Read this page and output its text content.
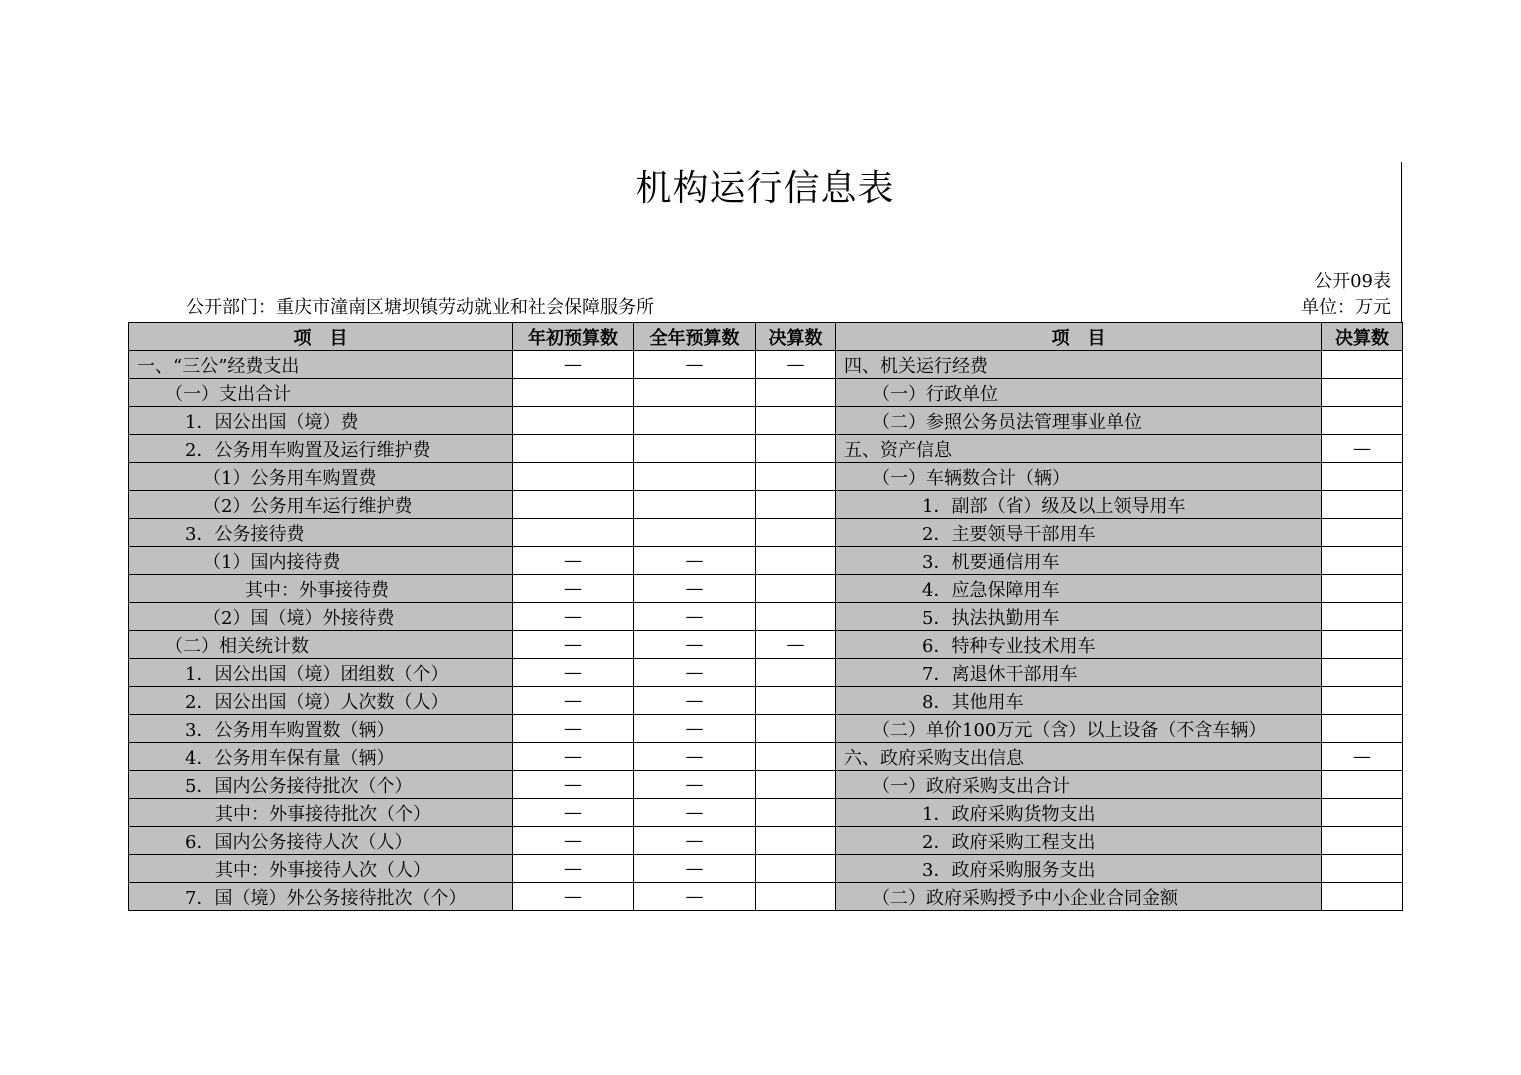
机构运行信息表
公开09表
单位：万元
公开部门：重庆市潼南区塘坝镇劳动就业和社会保障服务所
项　目	年初预算数	全年预算数	决算数	项　目	决算数
一、“三公”经费支出	—	—	—	四、机关运行经费	
（一）支出合计				（一）行政单位	
1．因公出国（境）费				（二）参照公务员法管理事业单位	
2．公务用车购置及运行维护费				五、资产信息	—
（1）公务用车购置费				（一）车辆数合计（辆）	
（2）公务用车运行维护费				1．副部（省）级及以上领导用车	
3．公务接待费				2．主要领导干部用车	
（1）国内接待费	—	—		3．机要通信用车	
其中：外事接待费	—	—		4．应急保障用车	
（2）国（境）外接待费	—	—		5．执法执勤用车	
（二）相关统计数	—	—	—	6．特种专业技术用车	
1．因公出国（境）团组数（个）	—	—		7．离退休干部用车	
2．因公出国（境）人次数（人）	—	—		8．其他用车	
3．公务用车购置数（辆）	—	—		（二）单价100万元（含）以上设备（不含车辆）	
4．公务用车保有量（辆）	—	—		六、政府采购支出信息	—
5．国内公务接待批次（个）	—	—		（一）政府采购支出合计	
其中：外事接待批次（个）	—	—		1．政府采购货物支出	
6．国内公务接待人次（人）	—	—		2．政府采购工程支出	
其中：外事接待人次（人）	—	—		3．政府采购服务支出	
7．国（境）外公务接待批次（个）	—	—		（二）政府采购授予中小企业合同金额	
